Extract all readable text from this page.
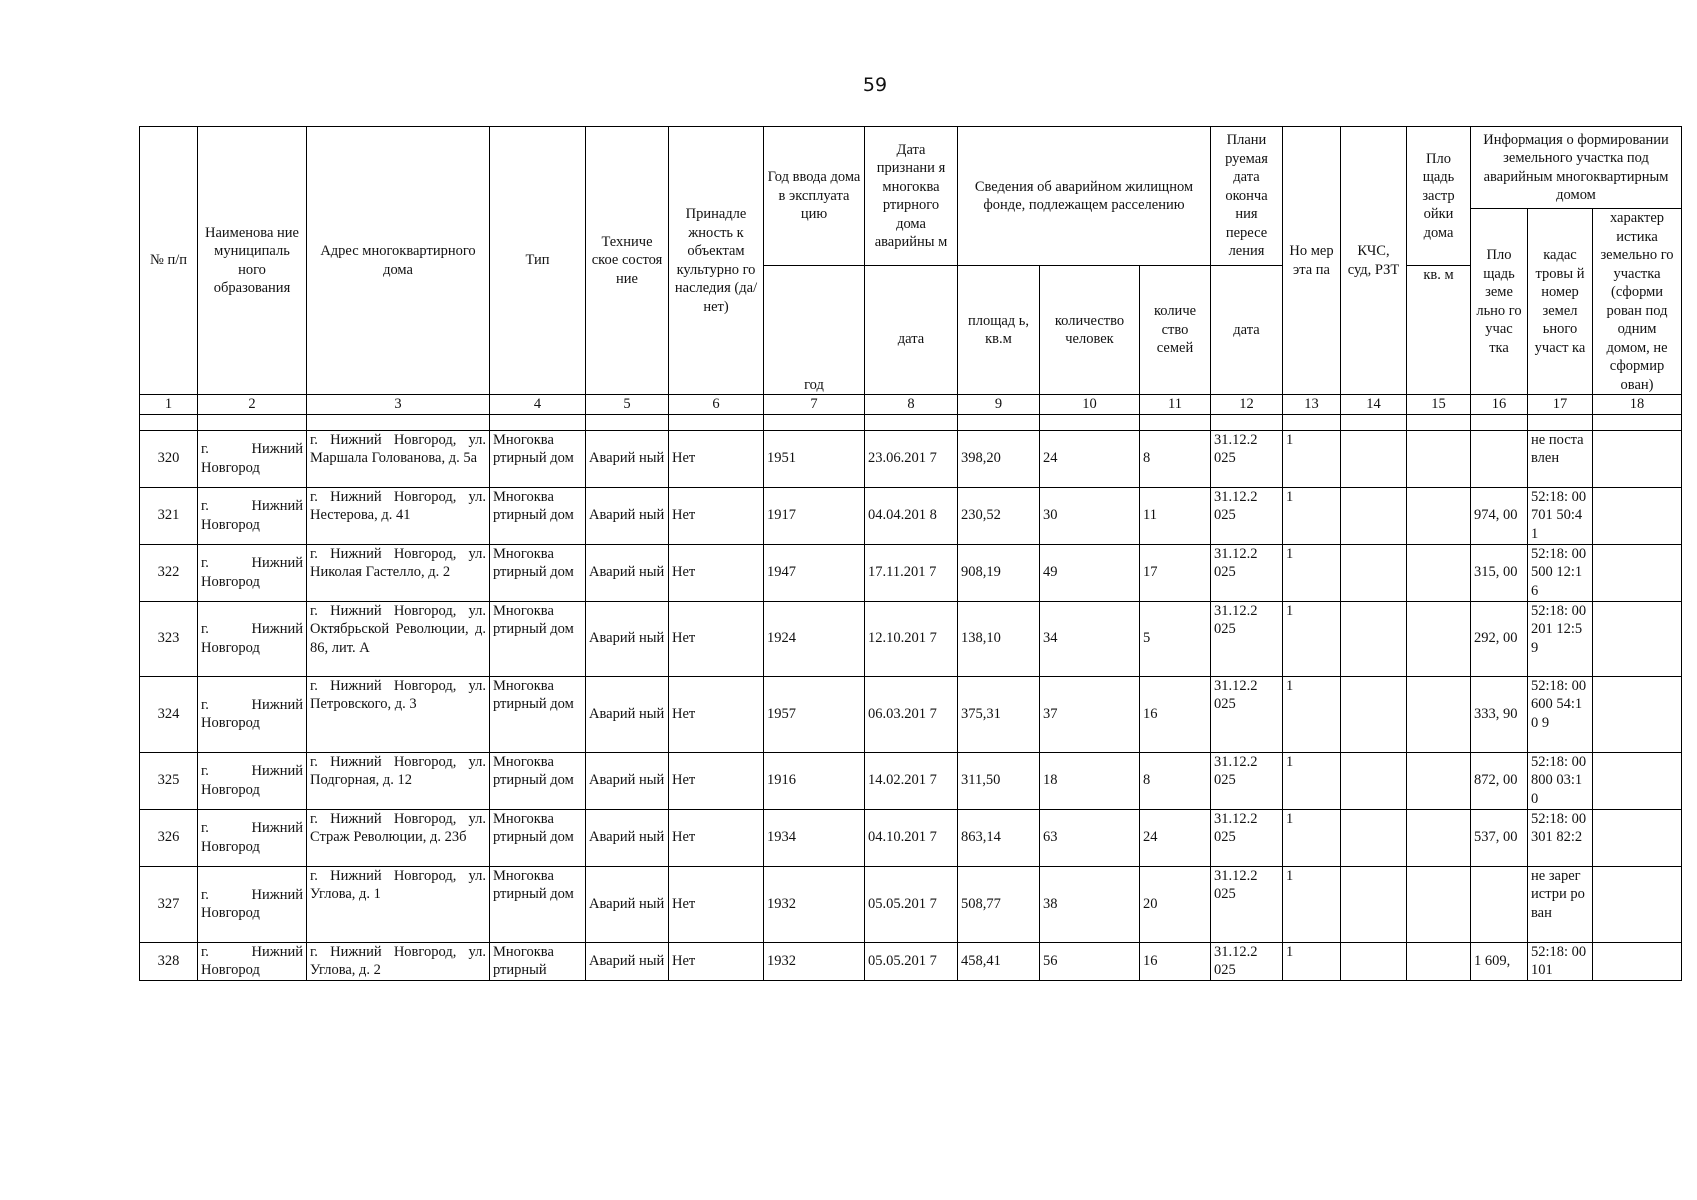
59
№ п/п	Наименова ние муниципаль ного образования	Адрес многоквартирного дома	Тип	Техниче ское состоя ние	Принадле жность к объектам культурно го наследия (да/нет)	Год ввода дома в эксплуата цию	Дата признани я многоква ртирного дома аварийны м	Сведения об аварийном жилищном фонде, подлежащем расселению			Плани руемая дата оконча ния пересе ления	Но мер эта па	КЧС, суд, РЗТ	Пло щадь застр ойки дома	Информация о формировании земельного участка под аварийным многоквартирным домом		
															Пло щадь земе льно го учас тка	кадас тровы й номер земел ьного участ ка	характер истика земельно го участка (сформи рован под одним домом, не сформир ован)
						год	дата	площад ь, кв.м	количество человек	количе ство семей	дата			кв. м			
1	2	3	4	5	6	7	8	9	10	11	12	13	14	15	16	17	18

320	г. Нижний Новгород	г. Нижний Новгород, ул. Маршала Голованова, д. 5а	Многоква ртирный дом	Аварий ный	Нет	1951	23.06.201 7	398,20	24	8	31.12.2 025	1				не поста влен	
321	г. Нижний Новгород	г. Нижний Новгород, ул. Нестерова, д. 41	Многоква ртирный дом	Аварий ный	Нет	1917	04.04.201 8	230,52	30	11	31.12.2 025	1			974, 00	52:18: 00701 50:41	
322	г. Нижний Новгород	г. Нижний Новгород, ул. Николая Гастелло, д. 2	Многоква ртирный дом	Аварий ный	Нет	1947	17.11.201 7	908,19	49	17	31.12.2 025	1			315, 00	52:18: 00500 12:16	
323	г. Нижний Новгород	г. Нижний Новгород, ул. Октябрьской Революции, д. 86, лит. А	Многоква ртирный дом	Аварий ный	Нет	1924	12.10.201 7	138,10	34	5	31.12.2 025	1			292, 00	52:18: 00201 12:59	
324	г. Нижний Новгород	г. Нижний Новгород, ул. Петровского, д. 3	Многоква ртирный дом	Аварий ный	Нет	1957	06.03.201 7	375,31	37	16	31.12.2 025	1			333, 90	52:18: 00600 54:10 9	
325	г. Нижний Новгород	г. Нижний Новгород, ул. Подгорная, д. 12	Многоква ртирный дом	Аварий ный	Нет	1916	14.02.201 7	311,50	18	8	31.12.2 025	1			872, 00	52:18: 00800 03:10	
326	г. Нижний Новгород	г. Нижний Новгород, ул. Страж Революции, д. 23б	Многоква ртирный дом	Аварий ный	Нет	1934	04.10.201 7	863,14	63	24	31.12.2 025	1			537, 00	52:18: 00301 82:2	
327	г. Нижний Новгород	г. Нижний Новгород, ул. Углова, д. 1	Многоква ртирный дом	Аварий ный	Нет	1932	05.05.201 7	508,77	38	20	31.12.2 025	1				не зарег истри рован	
328	г. Нижний Новгород	г. Нижний Новгород, ул. Углова, д. 2	Многоква ртирный	Аварий ный	Нет	1932	05.05.201 7	458,41	56	16	31.12.2 025	1			1 609,	52:18: 00101	
